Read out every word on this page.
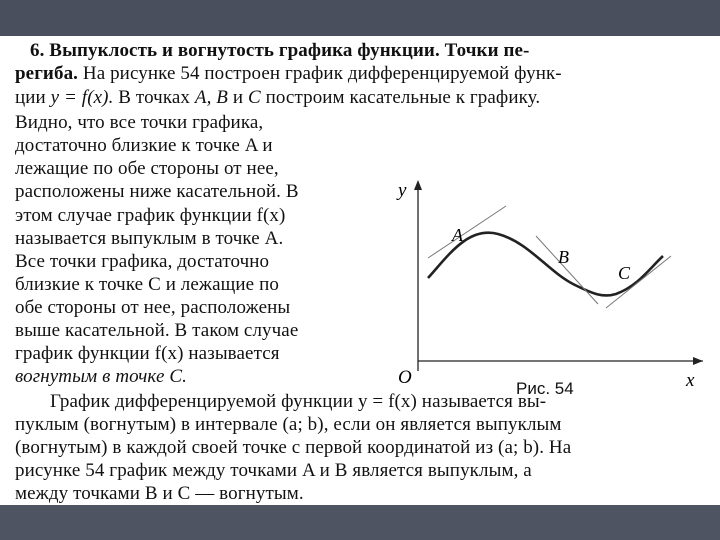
6. Выпуклость и вогнутость графика функции. Точки пе-
региба. На рисунке 54 построен график дифференцируемой функ-
ции y = f(x). В точках A, B и C построим касательные к графику.
Видно, что все точки графика,
достаточно близкие к точке A и
лежащие по обе стороны от нее,
расположены ниже касательной. В
этом случае график функции f(x)
называется выпуклым в точке A.
Все точки графика, достаточно
близкие к точке C и лежащие по
обе стороны от нее, расположены
выше касательной. В таком случае
график функции f(x) называется
вогнутым в точке C.
y
x
O
A
B
C
Рис. 54
График дифференцируемой функции y = f(x) называется вы-
пуклым (вогнутым) в интервале (a; b), если он является выпуклым
(вогнутым) в каждой своей точке с первой координатой из (a; b). На
рисунке 54 график между точками A и B является выпуклым, а
между точками B и C — вогнутым.
